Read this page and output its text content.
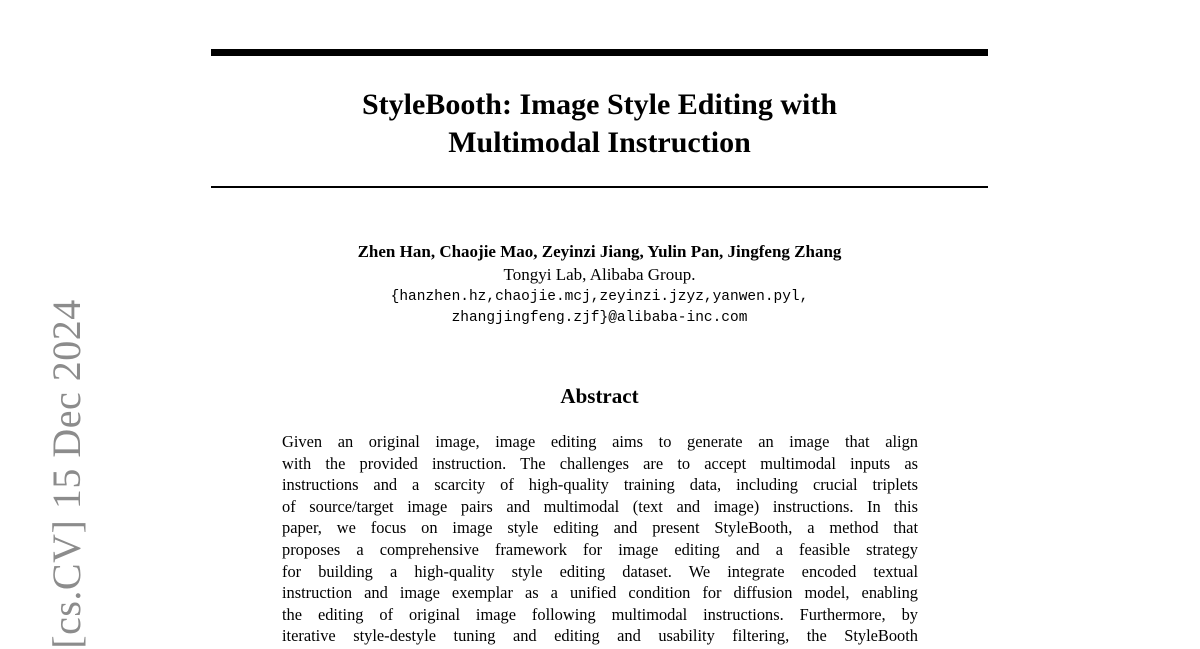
StyleBooth: Image Style Editing with
Multimodal Instruction
Zhen Han, Chaojie Mao, Zeyinzi Jiang, Yulin Pan, Jingfeng Zhang
Tongyi Lab, Alibaba Group.
{hanzhen.hz,chaojie.mcj,zeyinzi.jzyz,yanwen.pyl,
zhangjingfeng.zjf}@alibaba-inc.com
Abstract
Given an original image, image editing aims to generate an image that align
with the provided instruction. The challenges are to accept multimodal inputs as
instructions and a scarcity of high-quality training data, including crucial triplets
of source/target image pairs and multimodal (text and image) instructions. In this
paper, we focus on image style editing and present StyleBooth, a method that
proposes a comprehensive framework for image editing and a feasible strategy
for building a high-quality style editing dataset. We integrate encoded textual
instruction and image exemplar as a unified condition for diffusion model, enabling
the editing of original image following multimodal instructions. Furthermore, by
iterative style-destyle tuning and editing and usability filtering, the StyleBooth
[cs.CV] 15 Dec 2024
